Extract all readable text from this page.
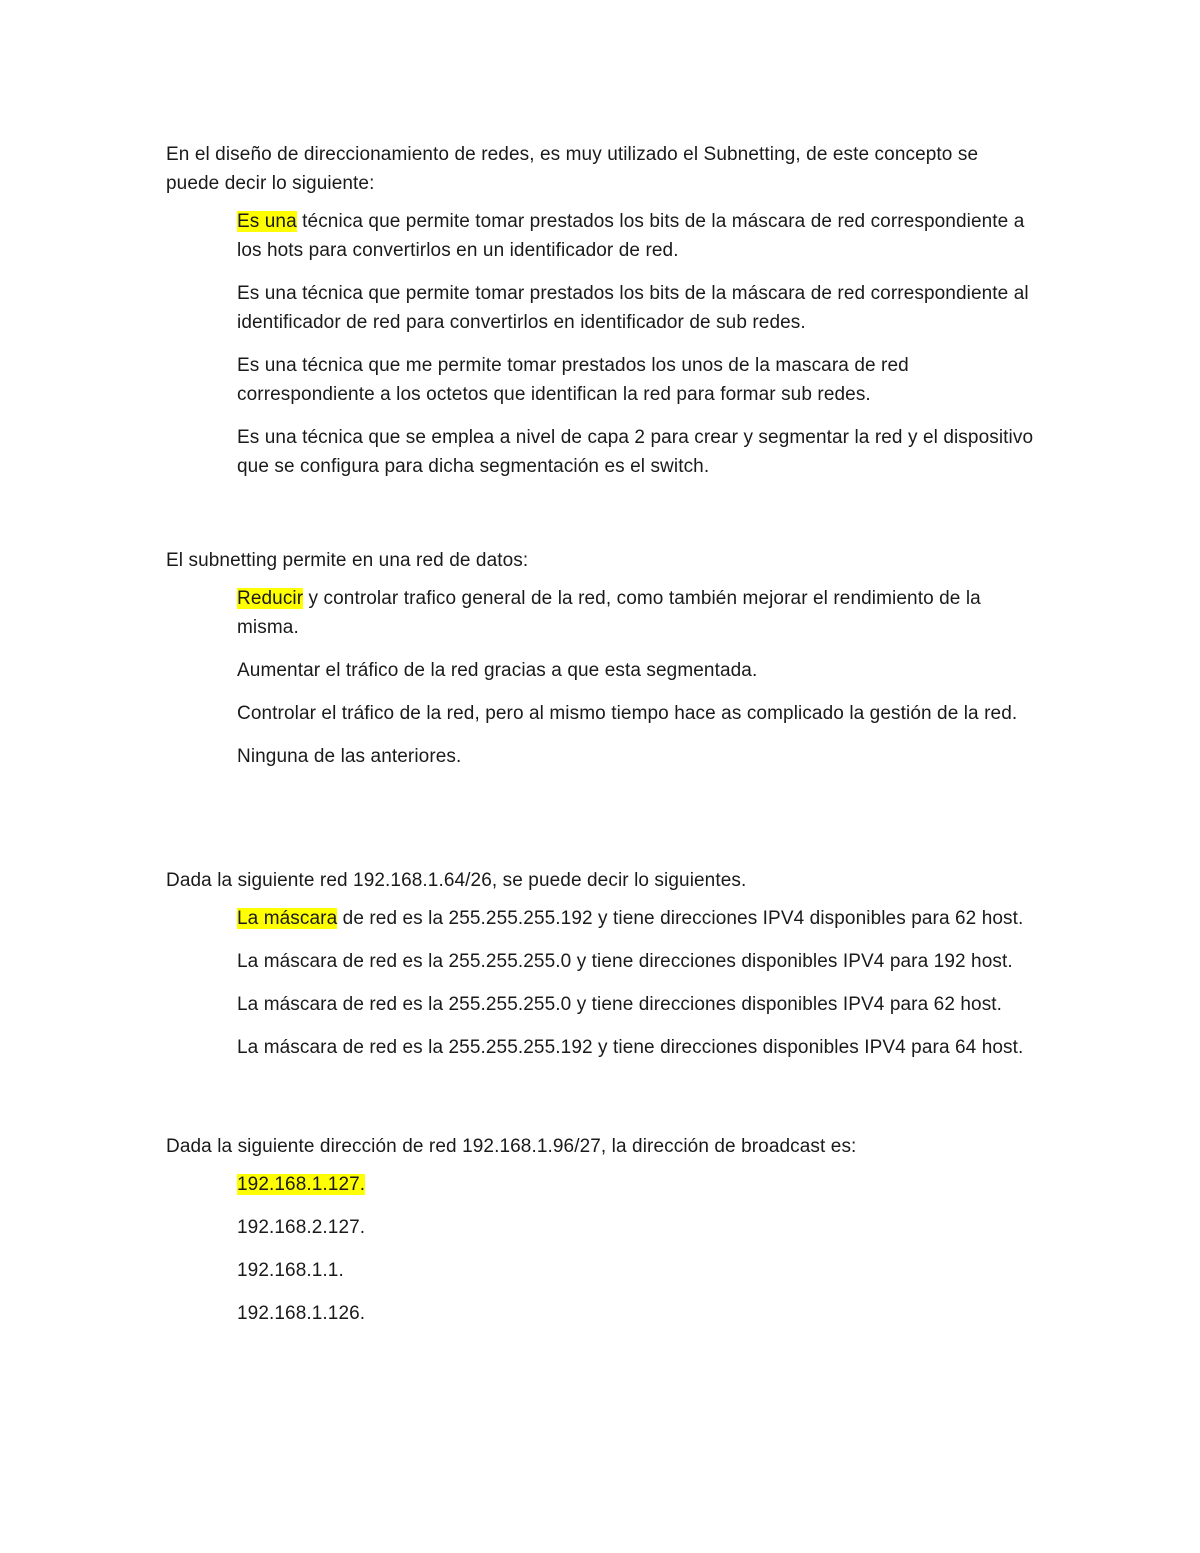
En el diseño de direccionamiento de redes, es muy utilizado el Subnetting, de este concepto se puede decir lo siguiente:

Es una técnica que permite tomar prestados los bits de la máscara de red correspondiente a los hots para convertirlos en un identificador de red.
Es una técnica que permite tomar prestados los bits de la máscara de red correspondiente al identificador de red para convertirlos en identificador de sub redes.
Es una técnica que me permite tomar prestados los unos de la mascara de red correspondiente a los octetos que identifican la red para formar sub redes.
Es una técnica que se emplea a nivel de capa 2 para crear y segmentar la red y el dispositivo que se configura para dicha segmentación es el switch.

El subnetting permite en una red de datos:

Reducir y controlar trafico general de la red, como también mejorar el rendimiento de la misma.
Aumentar el tráfico de la red gracias a que esta segmentada.
Controlar el tráfico de la red, pero al mismo tiempo hace as complicado la gestión de la red.
Ninguna de las anteriores.

Dada la siguiente red 192.168.1.64/26, se puede decir lo siguientes.

La máscara de red es la 255.255.255.192 y tiene direcciones IPV4 disponibles para 62 host.
La máscara de red es la 255.255.255.0 y tiene direcciones disponibles IPV4 para 192 host.
La máscara de red es la 255.255.255.0 y tiene direcciones disponibles IPV4 para 62 host.
La máscara de red es la 255.255.255.192 y tiene direcciones disponibles IPV4 para 64 host.

Dada la siguiente dirección de red 192.168.1.96/27, la dirección de broadcast es:

192.168.1.127.
192.168.2.127.
192.168.1.1.
192.168.1.126.
